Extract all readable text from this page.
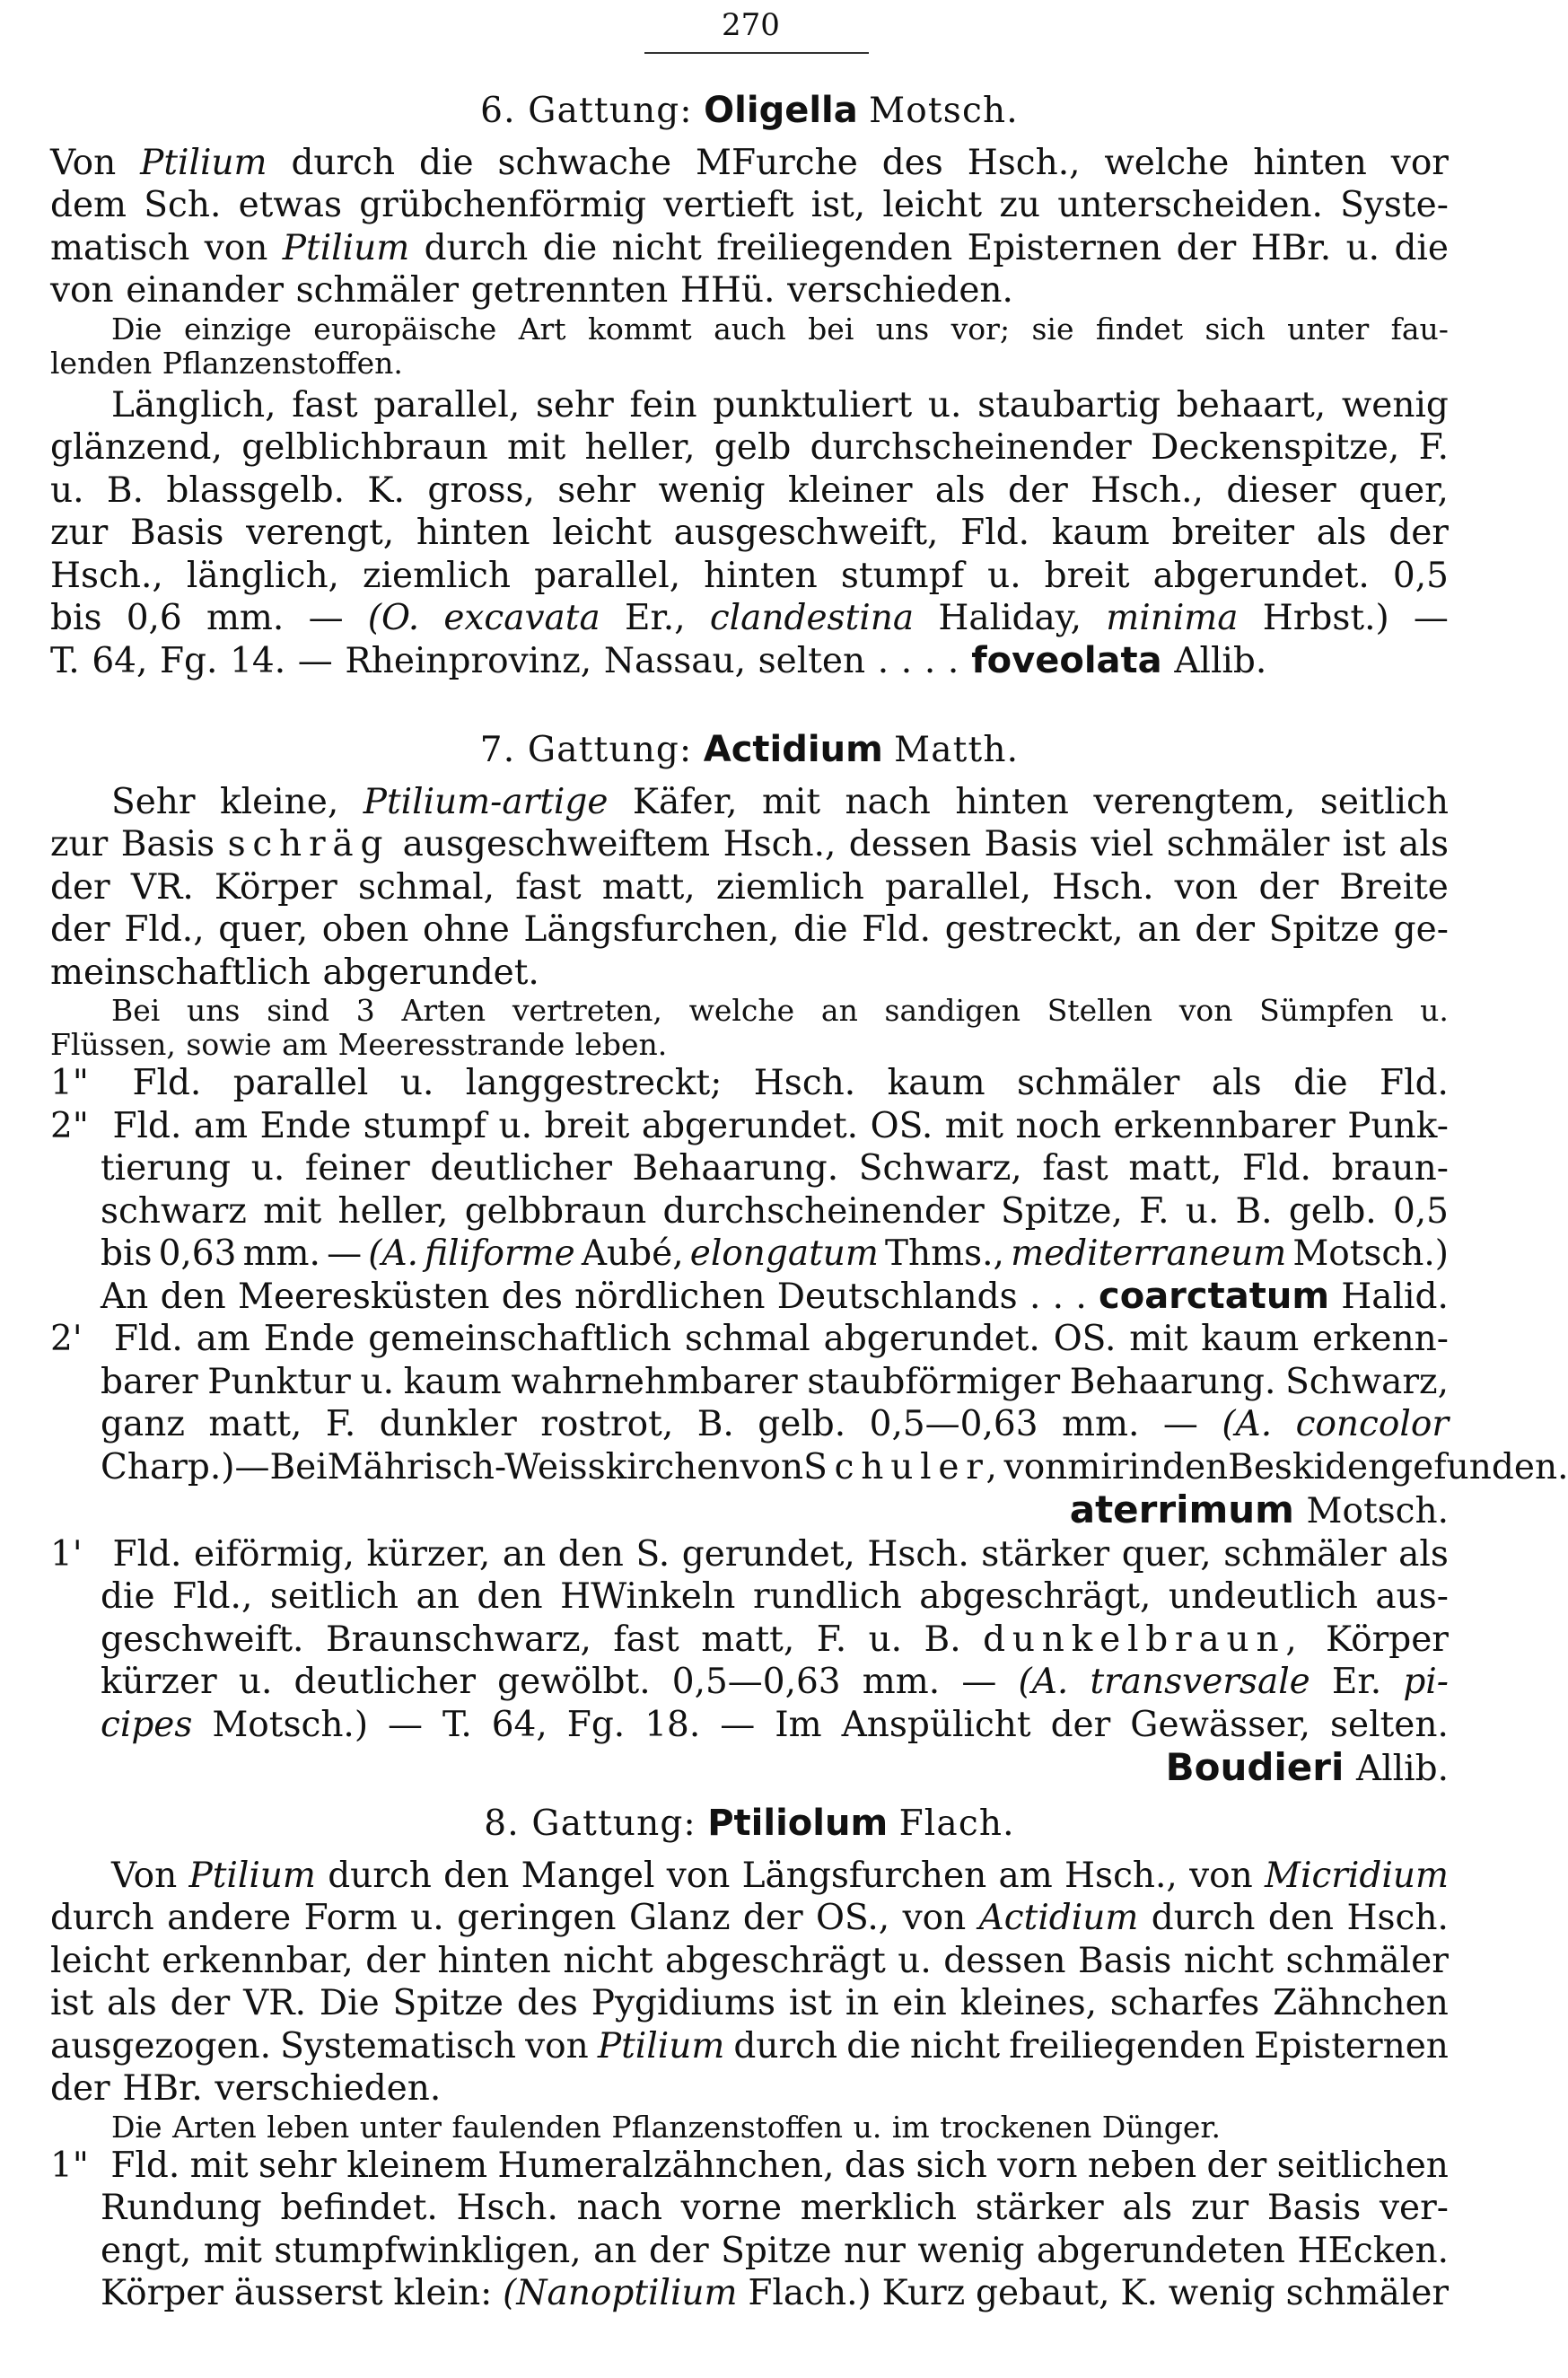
270
6. Gattung: Oligella Motsch.
Von Ptilium durch die schwache MFurche des Hsch., welche hinten vor
dem Sch. etwas grübchenförmig vertieft ist, leicht zu unterscheiden. Syste-
matisch von Ptilium durch die nicht freiliegenden Episternen der HBr. u. die
von einander schmäler getrennten HHü. verschieden.
Die einzige europäische Art kommt auch bei uns vor; sie findet sich unter fau-
lenden Pflanzenstoffen.
Länglich, fast parallel, sehr fein punktuliert u. staubartig behaart, wenig
glänzend, gelblichbraun mit heller, gelb durchscheinender Deckenspitze, F.
u. B. blassgelb. K. gross, sehr wenig kleiner als der Hsch., dieser quer,
zur Basis verengt, hinten leicht ausgeschweift, Fld. kaum breiter als der
Hsch., länglich, ziemlich parallel, hinten stumpf u. breit abgerundet. 0,5
bis 0,6 mm. — (O. excavata Er., clandestina Haliday, minima Hrbst.) —
T. 64, Fg. 14. — Rheinprovinz, Nassau, selten . . . . foveolata Allib.
7. Gattung: Actidium Matth.
Sehr kleine, Ptilium-artige Käfer, mit nach hinten verengtem, seitlich
zur Basis schräg ausgeschweiftem Hsch., dessen Basis viel schmäler ist als
der VR. Körper schmal, fast matt, ziemlich parallel, Hsch. von der Breite
der Fld., quer, oben ohne Längsfurchen, die Fld. gestreckt, an der Spitze ge-
meinschaftlich abgerundet.
Bei uns sind 3 Arten vertreten, welche an sandigen Stellen von Sümpfen u.
Flüssen, sowie am Meeresstrande leben.
1"	Fld. parallel u. langgestreckt; Hsch. kaum schmäler als die Fld.
2" Fld. am Ende stumpf u. breit abgerundet. OS. mit noch erkennbarer Punk-
tierung u. feiner deutlicher Behaarung. Schwarz, fast matt, Fld. braun-
schwarz mit heller, gelbbraun durchscheinender Spitze, F. u. B. gelb. 0,5
bis 0,63 mm. — (A. filiforme Aubé, elongatum Thms., mediterraneum Motsch.)
An den Meeresküsten des nördlichen Deutschlands . . . coarctatum Halid.
2' Fld. am Ende gemeinschaftlich schmal abgerundet. OS. mit kaum erkenn-
barer Punktur u. kaum wahrnehmbarer staubförmiger Behaarung. Schwarz,
ganz matt, F. dunkler rostrot, B. gelb. 0,5—0,63 mm. — (A. concolor
Charp.) — Bei Mährisch-Weisskirchen von Schuler, von mir in den Beskiden gefunden.
aterrimum Motsch.
1' Fld. eiförmig, kürzer, an den S. gerundet, Hsch. stärker quer, schmäler als
die Fld., seitlich an den HWinkeln rundlich abgeschrägt, undeutlich aus-
geschweift. Braunschwarz, fast matt, F. u. B. dunkelbraun, Körper
kürzer u. deutlicher gewölbt. 0,5—0,63 mm. — (A. transversale Er. pi-
cipes Motsch.) — T. 64, Fg. 18. — Im Anspülicht der Gewässer, selten.
Boudieri Allib.
8. Gattung: Ptiliolum Flach.
Von Ptilium durch den Mangel von Längsfurchen am Hsch., von Micridium
durch andere Form u. geringen Glanz der OS., von Actidium durch den Hsch.
leicht erkennbar, der hinten nicht abgeschrägt u. dessen Basis nicht schmäler
ist als der VR. Die Spitze des Pygidiums ist in ein kleines, scharfes Zähnchen
ausgezogen. Systematisch von Ptilium durch die nicht freiliegenden Episternen
der HBr. verschieden.
Die Arten leben unter faulenden Pflanzenstoffen u. im trockenen Dünger.
1" Fld. mit sehr kleinem Humeralzähnchen, das sich vorn neben der seitlichen
Rundung befindet. Hsch. nach vorne merklich stärker als zur Basis ver-
engt, mit stumpfwinkligen, an der Spitze nur wenig abgerundeten HEcken.
Körper äusserst klein: (Nanoptilium Flach.) Kurz gebaut, K. wenig schmäler
